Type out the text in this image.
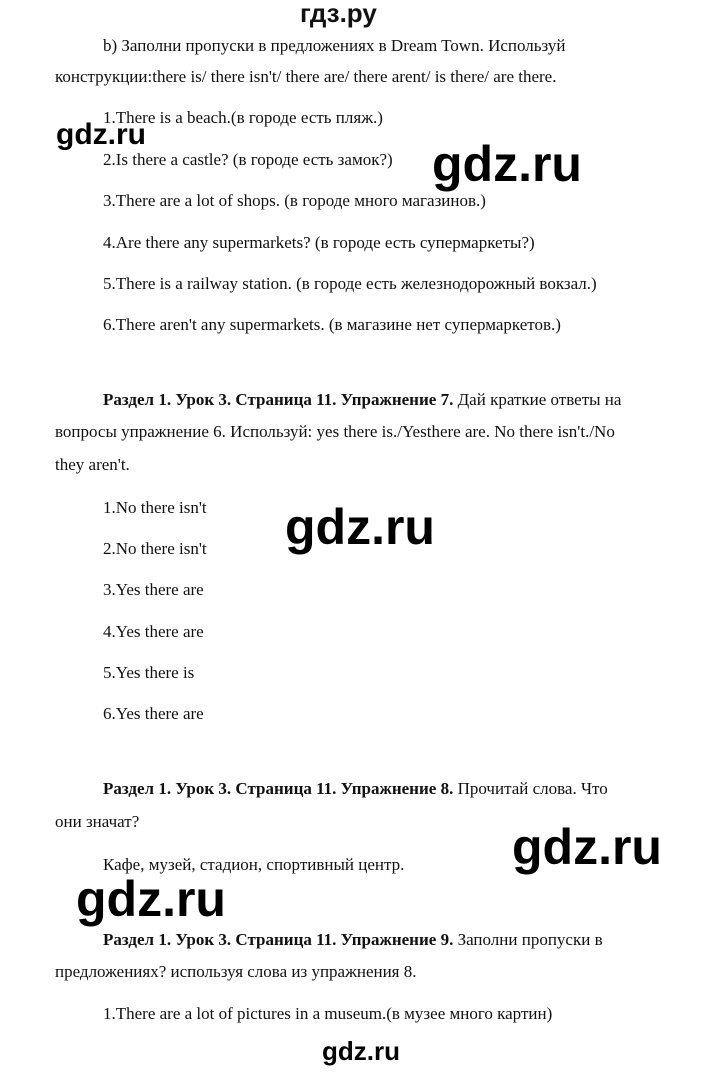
гдз.ру
b) Заполни пропуски в предложениях в Dream Town. Используй
конструкции:there is/ there isn't/ there are/ there arent/ is there/ are there.
1.There is a beach.(в городе есть пляж.)
2.Is there a castle? (в городе есть замок?)
3.There are a lot of shops. (в городе много магазинов.)
4.Are there any supermarkets? (в городе есть супермаркеты?)
5.There is a railway station. (в городе есть железнодорожный вокзал.)
6.There aren't any supermarkets. (в магазине нет супермаркетов.)
Раздел 1. Урок 3. Страница 11. Упражнение 7. Дай краткие ответы на
вопросы упражнение 6. Используй: yes there is./Yesthere are. No there isn't./No
they aren't.
1.No there isn't
2.No there isn't
3.Yes there are
4.Yes there are
5.Yes there is
6.Yes there are
Раздел 1. Урок 3. Страница 11. Упражнение 8. Прочитай слова. Что
они значат?
Кафе, музей, стадион, спортивный центр.
Раздел 1. Урок 3. Страница 11. Упражнение 9. Заполни пропуски в
предложениях? используя слова из упражнения 8.
1.There are a lot of pictures in a museum.(в музее много картин)
gdz.ru
gdz.ru
gdz.ru
gdz.ru
gdz.ru
gdz.ru
